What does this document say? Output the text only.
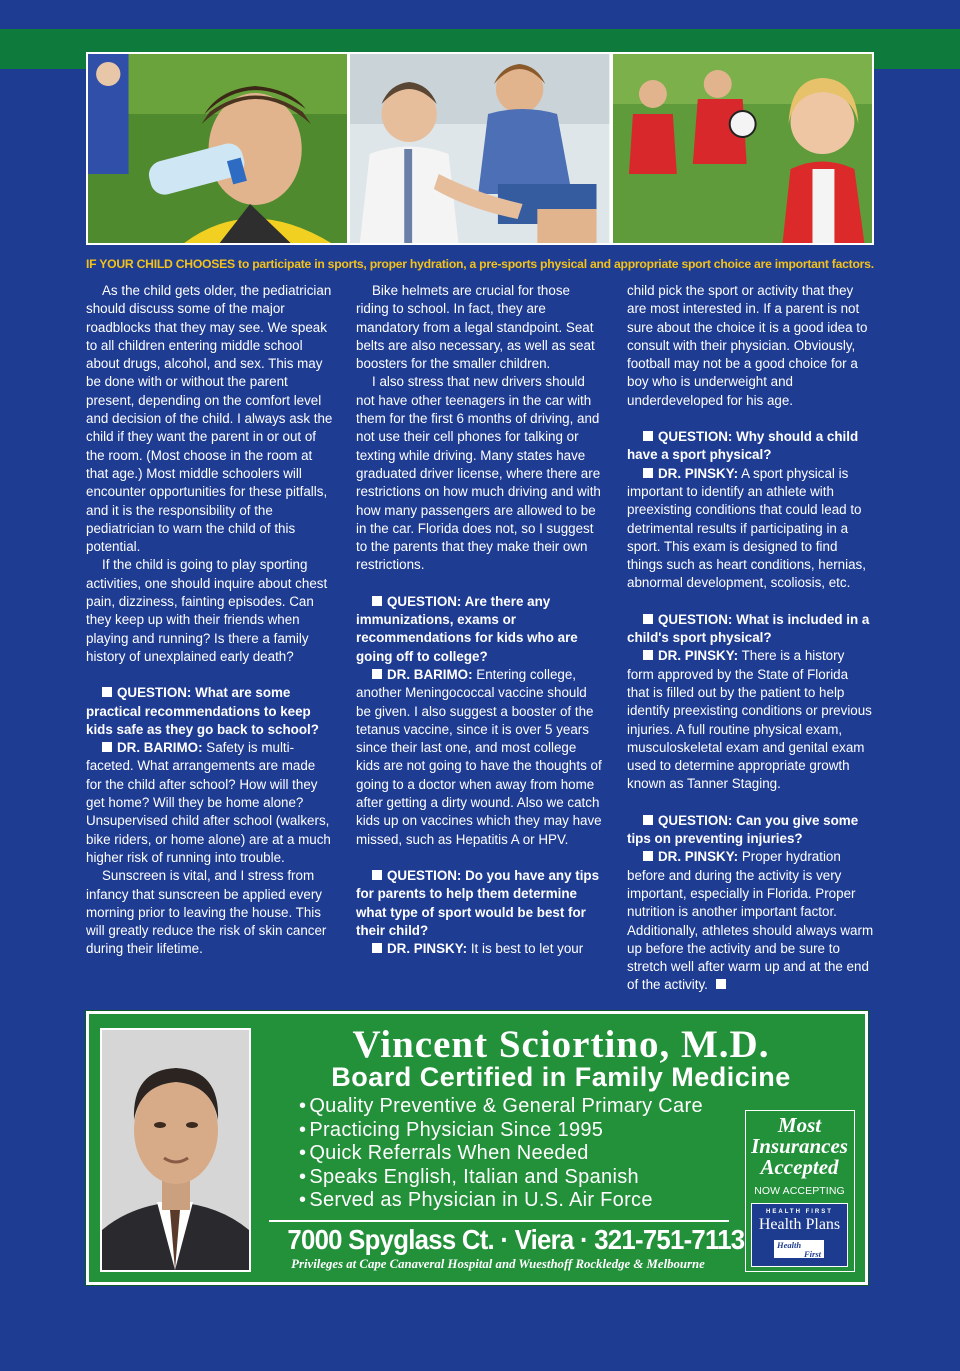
IF YOUR CHILD CHOOSES to participate in sports, proper hydration, a pre-sports physical and appropriate sport choice are important factors.

As the child gets older, the pediatrician should discuss some of the major roadblocks that they may see. We speak to all children entering middle school about drugs, alcohol, and sex. This may be done with or without the parent present, depending on the comfort level and decision of the child. I always ask the child if they want the parent in or out of the room. (Most choose in the room at that age.) Most middle schoolers will encounter opportunities for these pitfalls, and it is the responsibility of the pediatrician to warn the child of this potential.

If the child is going to play sporting activities, one should inquire about chest pain, dizziness, fainting episodes. Can they keep up with their friends when playing and running? Is there a family history of unexplained early death?

QUESTION: What are some practical recommendations to keep kids safe as they go back to school?

DR. BARIMO: Safety is multi-faceted. What arrangements are made for the child after school? How will they get home? Will they be home alone? Unsupervised child after school (walkers, bike riders, or home alone) are at a much higher risk of running into trouble.

Sunscreen is vital, and I stress from infancy that sunscreen be applied every morning prior to leaving the house. This will greatly reduce the risk of skin cancer during their lifetime.

Bike helmets are crucial for those riding to school. In fact, they are mandatory from a legal standpoint. Seat belts are also necessary, as well as seat boosters for the smaller children.

I also stress that new drivers should not have other teenagers in the car with them for the first 6 months of driving, and not use their cell phones for talking or texting while driving. Many states have graduated driver license, where there are restrictions on how much driving and with how many passengers are allowed to be in the car. Florida does not, so I suggest to the parents that they make their own restrictions.

QUESTION: Are there any immunizations, exams or recommendations for kids who are going off to college?

DR. BARIMO: Entering college, another Meningococcal vaccine should be given. I also suggest a booster of the tetanus vaccine, since it is over 5 years since their last one, and most college kids are not going to have the thoughts of going to a doctor when away from home after getting a dirty wound. Also we catch kids up on vaccines which they may have missed, such as Hepatitis A or HPV.

QUESTION: Do you have any tips for parents to help them determine what type of sport would be best for their child?

DR. PINSKY: It is best to let your

child pick the sport or activity that they are most interested in. If a parent is not sure about the choice it is a good idea to consult with their physician. Obviously, football may not be a good choice for a boy who is underweight and underdeveloped for his age.

QUESTION: Why should a child have a sport physical?

DR. PINSKY: A sport physical is important to identify an athlete with preexisting conditions that could lead to detrimental results if participating in a sport. This exam is designed to find things such as heart conditions, hernias, abnormal development, scoliosis, etc.

QUESTION: What is included in a child's sport physical?

DR. PINSKY: There is a history form approved by the State of Florida that is filled out by the patient to help identify preexisting conditions or previous injuries. A full routine physical exam, musculoskeletal exam and genital exam used to determine appropriate growth known as Tanner Staging.

QUESTION: Can you give some tips on preventing injuries?

DR. PINSKY: Proper hydration before and during the activity is very important, especially in Florida. Proper nutrition is another important factor. Additionally, athletes should always warm up before the activity and be sure to stretch well after warm up and at the end of the activity.

Vincent Sciortino, M.D.
Board Certified in Family Medicine
• Quality Preventive & General Primary Care
• Practicing Physician Since 1995
• Quick Referrals When Needed
• Speaks English, Italian and Spanish
• Served as Physician in U.S. Air Force
7000 Spyglass Ct. · Viera · 321-751-7113
Privileges at Cape Canaveral Hospital and Wuesthoff Rockledge & Melbourne
Most
Insurances
Accepted
NOW ACCEPTING
HEALTH FIRST
Health Plans
Health
First
